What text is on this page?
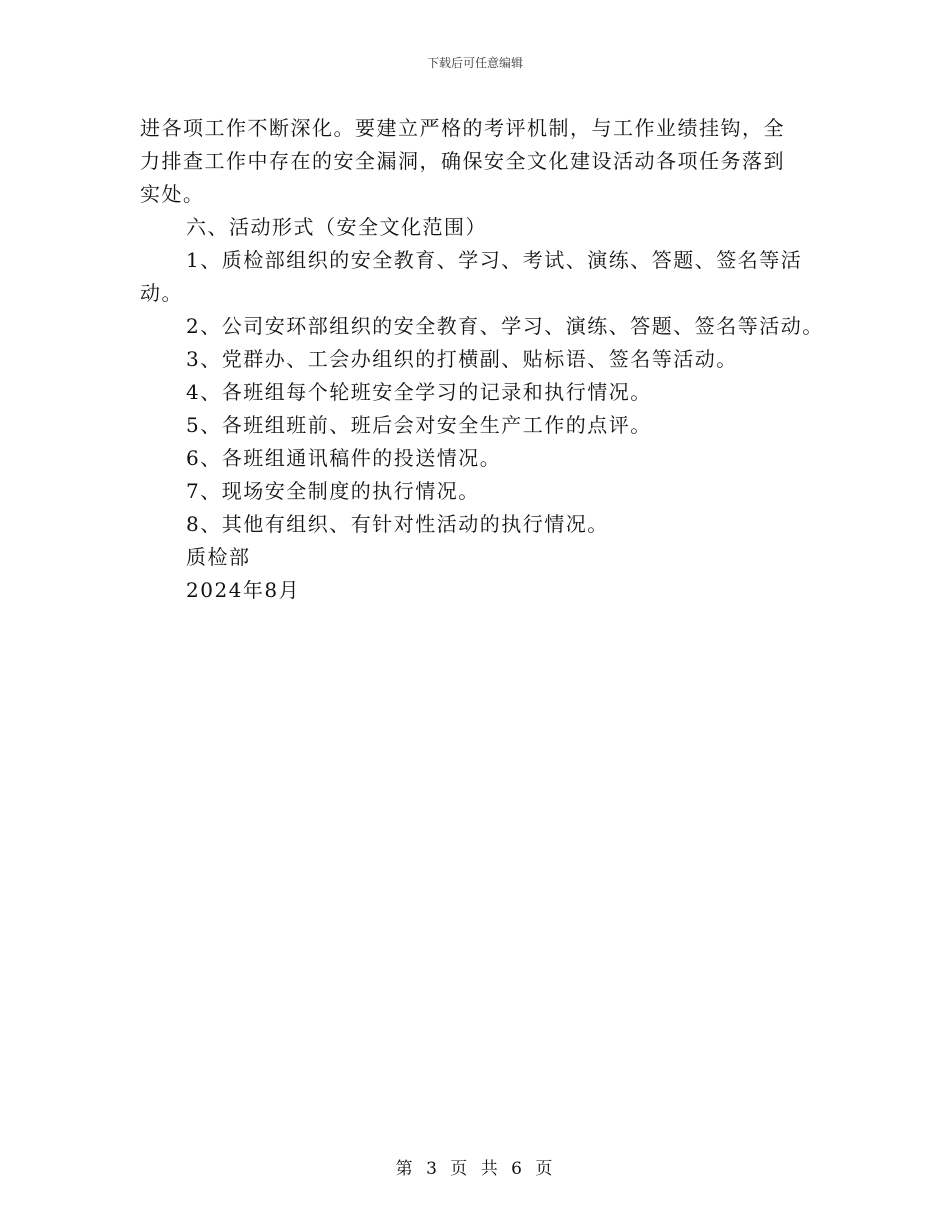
下载后可任意编辑
进各项工作不断深化。要建立严格的考评机制，与工作业绩挂钩，全
力排查工作中存在的安全漏洞，确保安全文化建设活动各项任务落到
实处。
六、活动形式（安全文化范围）
1、质检部组织的安全教育、学习、考试、演练、答题、签名等活
动。
2、公司安环部组织的安全教育、学习、演练、答题、签名等活动。
3、党群办、工会办组织的打横副、贴标语、签名等活动。
4、各班组每个轮班安全学习的记录和执行情况。
5、各班组班前、班后会对安全生产工作的点评。
6、各班组通讯稿件的投送情况。
7、现场安全制度的执行情况。
8、其他有组织、有针对性活动的执行情况。
质检部
2024年8月
第 3 页 共 6 页
